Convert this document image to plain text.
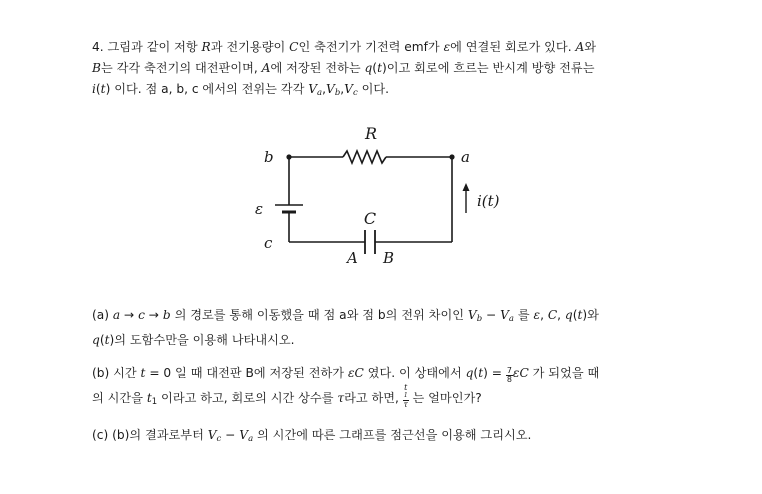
4. 그림과 같이 저항 R과 전기용량이 C인 축전기가 기전력 emf가 ε에 연결된 회로가 있다. A와
B는 각각 축전기의 대전판이며, A에 저장된 전하는 q(t)이고 회로에 흐르는 반시계 방향 전류는
i(t) 이다. 점 a, b, c 에서의 전위는 각각 $V_a,V_b,V_c$ 이다.
R
C
b	a
c
ε
A B
i(t)
(a) a → c → b 의 경로를 통해 이동했을 때 점 a와 점 b의 전위 차이인 $V_b - V_a$ 를 ε, C, q(t)와
q(t)의 도함수만을 이용해 나타내시오.
(b) 시간 t = 0 일 때 대전판 B에 저장된 전하가 εC 였다. 이 상태에서 $q(t) = \frac{7}{8}$ εC 가 되었을 때
의 시간을 $t_1$ 이라고 하고, 회로의 시간 상수를 τ라고 하면, t
1
τ 는 얼마인가?
(c) (b)의 결과로부터 $V_c - V_a$ 의 시간에 따른 그래프를 점근선을 이용해 그리시오.
